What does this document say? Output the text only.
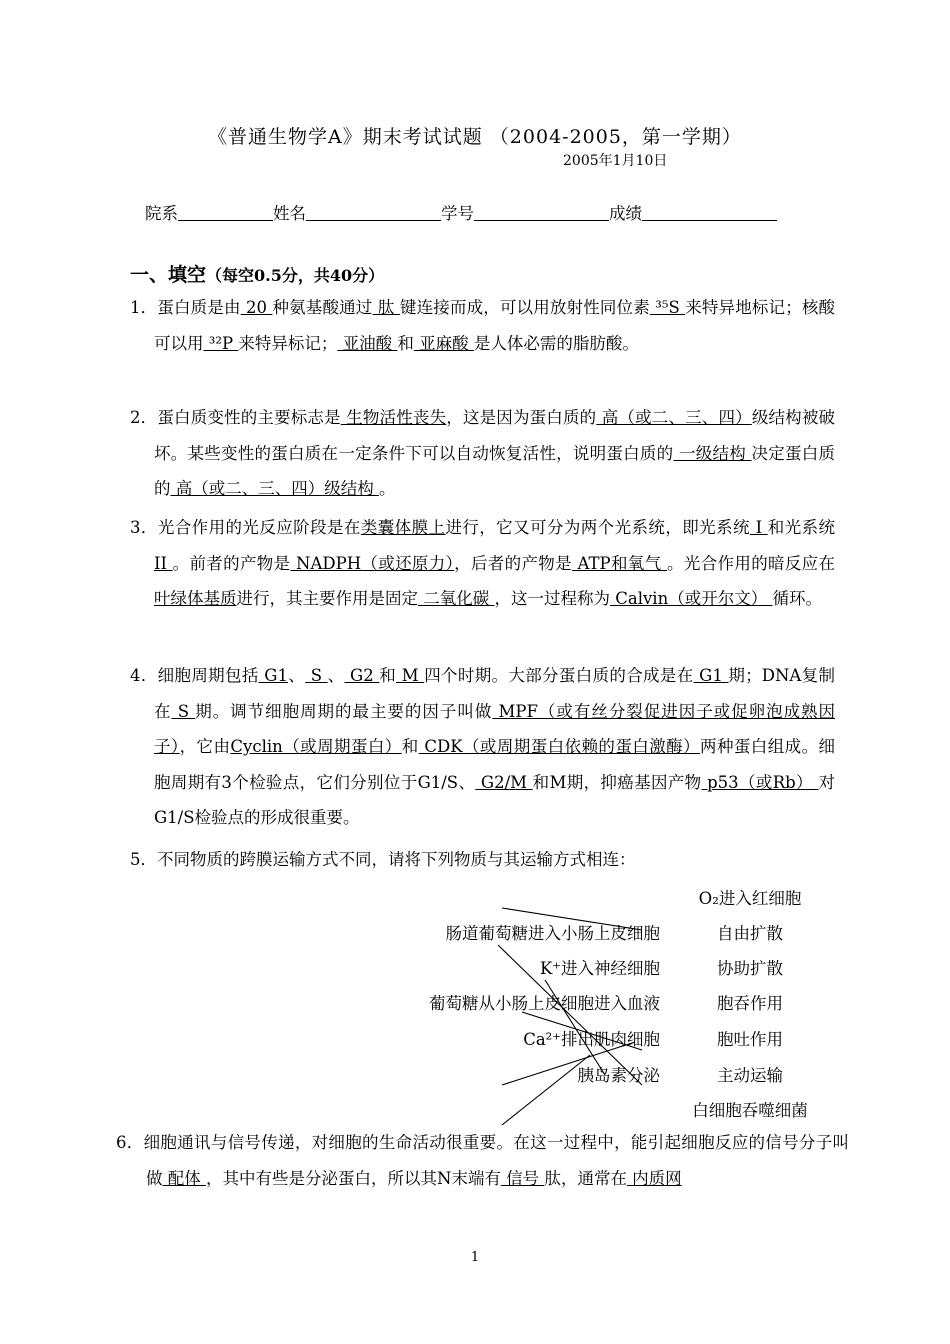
《普通生物学A》期末考试试题 （2004-2005，第一学期）
2005年1月10日
院系	姓名	学号	成绩
一、填空（每空0.5分，共40分）
1．蛋白质是由 20 种氨基酸通过 肽 键连接而成，可以用放射性同位素 ³⁵S 来特异地标记；核酸可以用 ³²P 来特异标记； 亚油酸 和 亚麻酸 是人体必需的脂肪酸。
2．蛋白质变性的主要标志是 生物活性丧失，这是因为蛋白质的 高（或二、三、四）级结构被破坏。某些变性的蛋白质在一定条件下可以自动恢复活性，说明蛋白质的 一级结构 决定蛋白质的 高（或二、三、四）级结构 。
3．光合作用的光反应阶段是在类囊体膜上进行，它又可分为两个光系统，即光系统 I 和光系统 II 。前者的产物是 NADPH（或还原力），后者的产物是 ATP和氧气 。光合作用的暗反应在 叶绿体基质进行，其主要作用是固定 二氧化碳 ，这一过程称为 Calvin（或开尔文） 循环。
4．细胞周期包括 G1、 S 、 G2 和 M 四个时期。大部分蛋白质的合成是在 G1 期；DNA复制在 S 期。调节细胞周期的最主要的因子叫做 MPF（或有丝分裂促进因子或促卵泡成熟因子），它由Cyclin（或周期蛋白）和 CDK（或周期蛋白依赖的蛋白激酶）两种蛋白组成。细胞周期有3个检验点，它们分别位于G1/S、 G2/M 和M期，抑癌基因产物 p53（或Rb） 对G1/S检验点的形成很重要。
5．不同物质的跨膜运输方式不同，请将下列物质与其运输方式相连：
肠道葡萄糖进入小肠上皮细胞
K⁺进入神经细胞
葡萄糖从小肠上皮细胞进入血液
Ca²⁺排出肌肉细胞
胰岛素分泌
O₂进入红细胞
自由扩散
协助扩散
胞吞作用
胞吐作用
主动运输
白细胞吞噬细菌
6．细胞通讯与信号传递，对细胞的生命活动很重要。在这一过程中，能引起细胞反应的信号分子叫做 配体 ，其中有些是分泌蛋白，所以其N末端有 信号 肽，通常在 内质网
1
